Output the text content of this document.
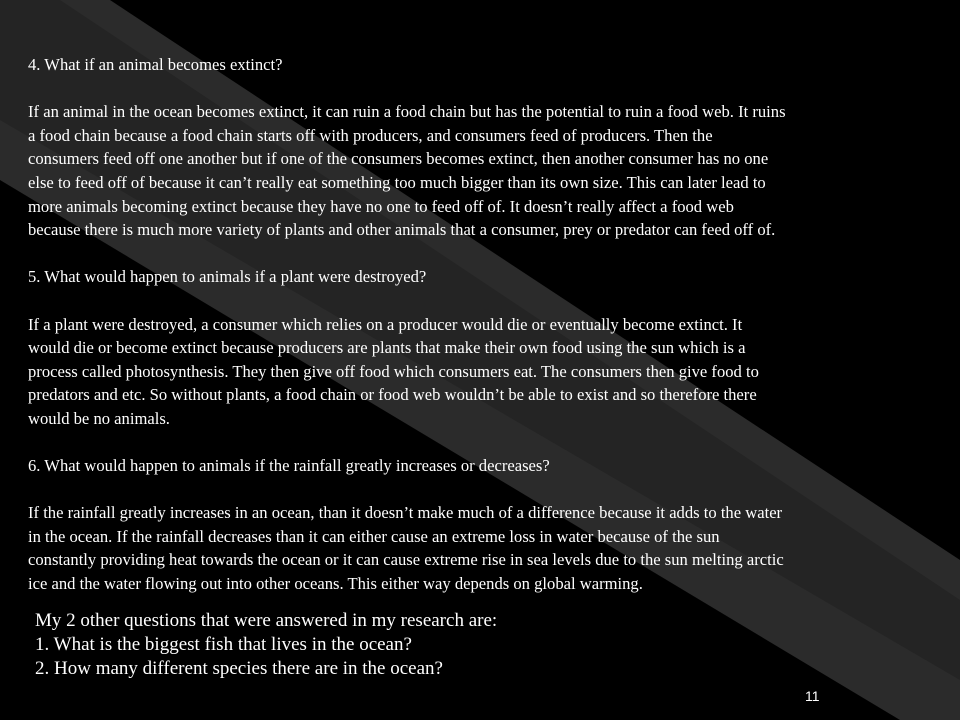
4. What if an animal becomes extinct?

If an animal in the ocean becomes extinct, it can ruin a food chain but has the potential to ruin a food web. It ruins
a food chain because a food chain starts off with producers, and consumers feed of producers. Then the
consumers feed off one another but if one of the consumers becomes extinct, then another consumer has no one
else to feed off of because it can’t really eat something too much bigger than its own size. This can later lead to
more animals becoming extinct because they have no one to feed off of. It doesn’t really affect a food web
because there is much more variety of plants and other animals that a consumer, prey or predator can feed off of.

5. What would happen to animals if a plant were destroyed?

If a plant were destroyed, a consumer which relies on a producer would die or eventually become extinct. It
would die or become extinct because producers are plants that make their own food using the sun which is a
process called photosynthesis. They then give off food which consumers eat. The consumers then give food to
predators and etc. So without plants, a food chain or food web wouldn’t be able to exist and so therefore there
would be no animals.

6. What would happen to animals if the rainfall greatly increases or decreases?

If the rainfall greatly increases in an ocean, than it doesn’t make much of a difference because it adds to the water
in the ocean. If the rainfall decreases than it can either cause an extreme loss in water because of the sun
constantly providing heat towards the ocean or it can cause extreme rise in sea levels due to the sun melting arctic
ice and the water flowing out into other oceans. This either way depends on global warming.

My 2 other questions that were answered in my research are:
1. What is the biggest fish that lives in the ocean?
2. How many different species there are in the ocean?
11
